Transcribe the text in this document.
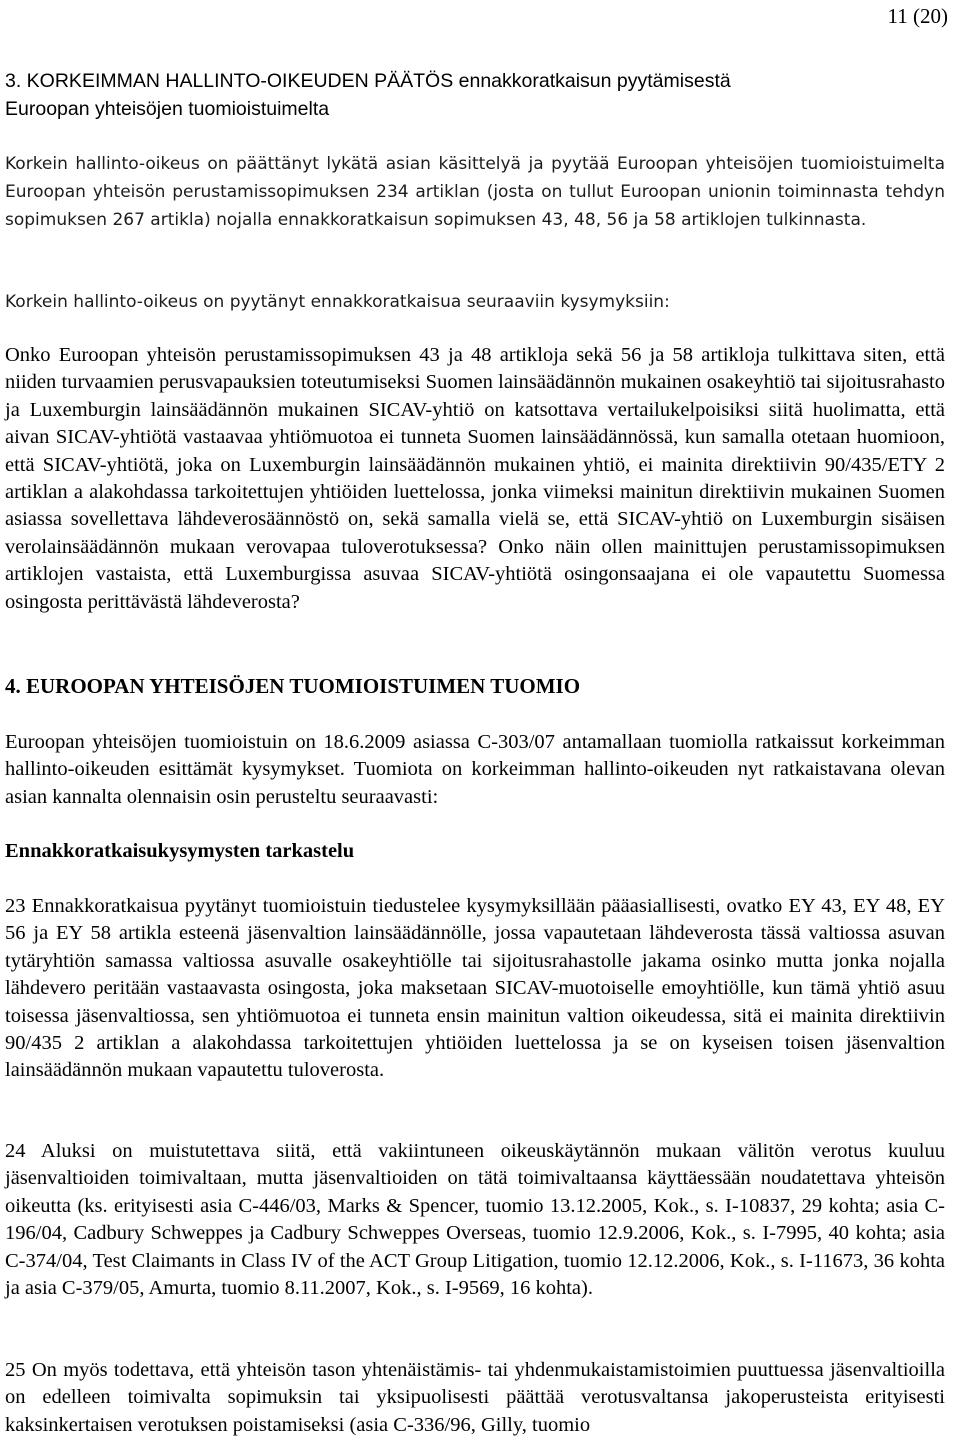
11 (20)
3. KORKEIMMAN HALLINTO-OIKEUDEN PÄÄTÖS ennakkoratkaisun pyytämisestä
Euroopan yhteisöjen tuomioistuimelta

Korkein hallinto-oikeus on päättänyt lykätä asian käsittelyä ja pyytää Euroopan yhteisöjen tuomioistuimelta Euroopan yhteisön perustamissopimuksen 234 artiklan (josta on tullut Euroopan unionin toiminnasta tehdyn sopimuksen 267 artikla) nojalla ennakkoratkaisun sopimuksen 43, 48, 56 ja 58 artiklojen tulkinnasta.

Korkein hallinto-oikeus on pyytänyt ennakkoratkaisua seuraaviin kysymyksiin:

Onko Euroopan yhteisön perustamissopimuksen 43 ja 48 artikloja sekä 56 ja 58 artikloja tulkittava siten, että niiden turvaamien perusvapauksien toteutumiseksi Suomen lainsäädännön mukainen osakeyhtiö tai sijoitusrahasto ja Luxemburgin lainsäädännön mukainen SICAV-yhtiö on katsottava vertailukelpoisiksi siitä huolimatta, että aivan SICAV-yhtiötä vastaavaa yhtiömuotoa ei tunneta Suomen lainsäädännössä, kun samalla otetaan huomioon, että SICAV-yhtiötä, joka on Luxemburgin lainsäädännön mukainen yhtiö, ei mainita direktiivin 90/435/ETY 2 artiklan a alakohdassa tarkoitettujen yhtiöiden luettelossa, jonka viimeksi mainitun direktiivin mukainen Suomen asiassa sovellettava lähdeverosäännöstö on, sekä samalla vielä se, että SICAV-yhtiö on Luxemburgin sisäisen verolainsäädännön mukaan verovapaa tuloverotuksessa? Onko näin ollen mainittujen perustamissopimuksen artiklojen vastaista, että Luxemburgissa asuvaa SICAV-yhtiötä osingonsaajana ei ole vapautettu Suomessa osingosta perittävästä lähdeverosta?

4. EUROOPAN YHTEISÖJEN TUOMIOISTUIMEN TUOMIO

Euroopan yhteisöjen tuomioistuin on 18.6.2009 asiassa C-303/07 antamallaan tuomiolla ratkaissut korkeimman hallinto-oikeuden esittämät kysymykset. Tuomiota on korkeimman hallinto-oikeuden nyt ratkaistavana olevan asian kannalta olennaisin osin perusteltu seuraavasti:

Ennakkoratkaisukysymysten tarkastelu

23 Ennakkoratkaisua pyytänyt tuomioistuin tiedustelee kysymyksillään pääasiallisesti, ovatko EY 43, EY 48, EY 56 ja EY 58 artikla esteenä jäsenvaltion lainsäädännölle, jossa vapautetaan lähdeverosta tässä valtiossa asuvan tytäryhtiön samassa valtiossa asuvalle osakeyhtiölle tai sijoitusrahastolle jakama osinko mutta jonka nojalla lähdevero peritään vastaavasta osingosta, joka maksetaan SICAV-muotoiselle emoyhtiölle, kun tämä yhtiö asuu toisessa jäsenvaltiossa, sen yhtiömuotoa ei tunneta ensin mainitun valtion oikeudessa, sitä ei mainita direktiivin 90/435 2 artiklan a alakohdassa tarkoitettujen yhtiöiden luettelossa ja se on kyseisen toisen jäsenvaltion lainsäädännön mukaan vapautettu tuloverosta.

24 Aluksi on muistutettava siitä, että vakiintuneen oikeuskäytännön mukaan välitön verotus kuuluu jäsenvaltioiden toimivaltaan, mutta jäsenvaltioiden on tätä toimivaltaansa käyttäessään noudatettava yhteisön oikeutta (ks. erityisesti asia C-446/03, Marks & Spencer, tuomio 13.12.2005, Kok., s. I-10837, 29 kohta; asia C-196/04, Cadbury Schweppes ja Cadbury Schweppes Overseas, tuomio 12.9.2006, Kok., s. I-7995, 40 kohta; asia C-374/04, Test Claimants in Class IV of the ACT Group Litigation, tuomio 12.12.2006, Kok., s. I-11673, 36 kohta ja asia C-379/05, Amurta, tuomio 8.11.2007, Kok., s. I-9569, 16 kohta).

25 On myös todettava, että yhteisön tason yhtenäistämis- tai yhdenmukaistamistoimien puuttuessa jäsenvaltioilla on edelleen toimivalta sopimuksin tai yksipuolisesti päättää verotusvaltansa jakoperusteista erityisesti kaksinkertaisen verotuksen poistamiseksi (asia C-336/96, Gilly, tuomio
